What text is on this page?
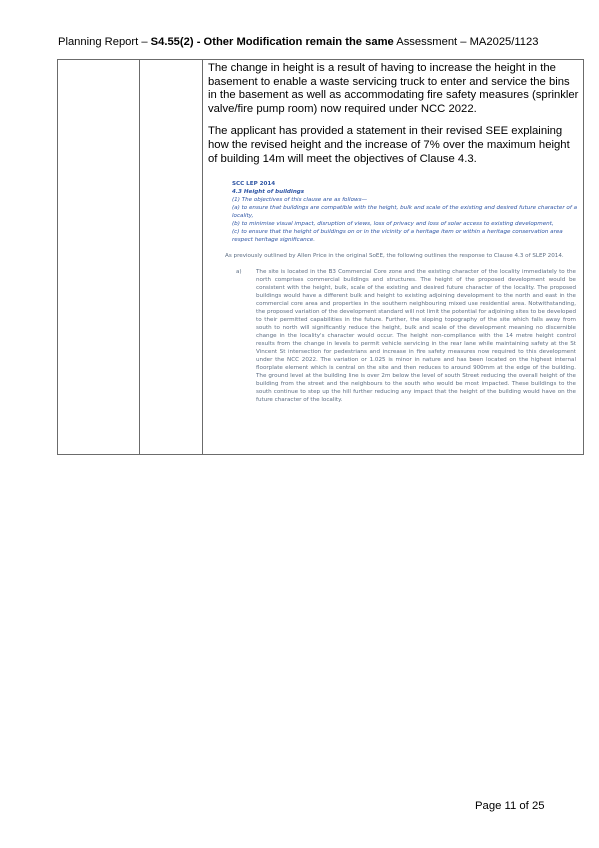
Planning Report – S4.55(2) - Other Modification remain the same Assessment – MA2025/1123

The change in height is a result of having to increase the height in the basement to enable a waste servicing truck to enter and service the bins in the basement as well as accommodating fire safety measures (sprinkler valve/fire pump room) now required under NCC 2022.

The applicant has provided a statement in their revised SEE explaining how the revised height and the increase of 7% over the maximum height of building 14m will meet the objectives of Clause 4.3.

SCC LEP 2014
4.3 Height of buildings
(1) The objectives of this clause are as follows—
(a) to ensure that buildings are compatible with the height, bulk and scale of the existing and desired future character of a locality,
(b) to minimise visual impact, disruption of views, loss of privacy and loss of solar access to existing development,
(c) to ensure that the height of buildings on or in the vicinity of a heritage item or within a heritage conservation area respect heritage significance.
As previously outlined by Allen Price in the original SoEE, the following outlines the response to Clause 4.3 of SLEP 2014.
a)	The site is located in the B3 Commercial Core zone and the existing character of the locality immediately to the north comprises commercial buildings and structures. The height of the proposed development would be consistent with the height, bulk, scale of the existing and desired future character of the locality. The proposed buildings would have a different bulk and height to existing adjoining development to the north and east in the commercial core area and properties in the southern neighbouring mixed use residential area. Notwithstanding, the proposed variation of the development standard will not limit the potential for adjoining sites to be developed to their permitted capabilities in the future. Further, the sloping topography of the site which falls away from south to north will significantly reduce the height, bulk and scale of the development meaning no discernible change in the locality's character would occur. The height non-compliance with the 14 metre height control results from the change in levels to permit vehicle servicing in the rear lane while maintaining safety at the St Vincent St intersection for pedestrians and increase in fire safety measures now required to this development under the NCC 2022. The variation or 1.025 is minor in nature and has been located on the highest internal floorplate element which is central on the site and then reduces to around 900mm at the edge of the building. The ground level at the building line is over 2m below the level of south Street reducing the overall height of the building from the street and the neighbours to the south who would be most impacted. These buildings to the south continue to step up the hill further reducing any impact that the height of the building would have on the future character of the locality.
Page 11 of 25
